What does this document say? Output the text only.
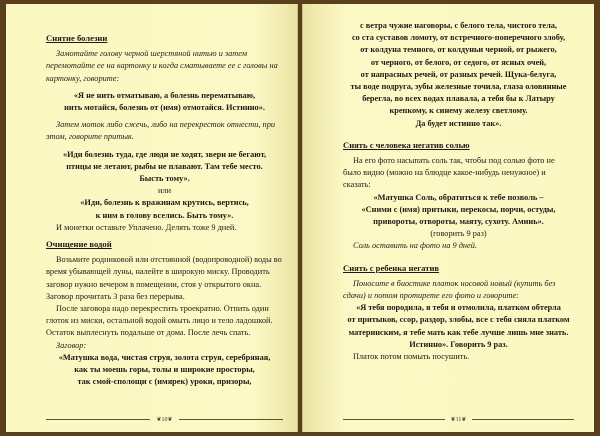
Снятие болезни

Замотайте голову черной шерстяной нитью и затем перемотайте ее на картонку и когда сматываете ее с головы на картонку, говорите:

«Я не нить отматываю, а болезнь перематываю,

нить мотайся, болезнь от (имя) отмотайся. Истинно».

Затем моток либо сжечь, либо на перекресток отнести, при этом, говорите притык.

«Иди болезнь туда, где люди не ходят, звери не бегают,

птицы не летают, рыбы не плавают. Там тебе место.

Бысть тому».

или

«Иди, болезнь к вражинам крутись, вертись,

к ним в голову вселись. Быть тому».

И монетки оставьте Уплачено. Делять тоже 9 дней.

Очищение водой

Возьмите родниковой или отстоянной (водопроводной) воды во время убывающей луны, налейте в широкую миску. Проводить заговор нужно вечером в помещении, стоя у открытого окна. Заговор прочитать 3 раза без перерыва.

После заговора надо перекрестить троекратно. Отпить один глоток из миски, остальной водой омыть лицо и тело ладошкой. Остаток выплеснуть подальше от дома. После лечь спать.

Заговор:

«Матушка вода, чистая струя, золота струя, серебряная,

как ты моешь горы, толы и широкие просторы,

так смой-сполощи с (имярек) уроки, призоры,

❦10❦

с ветра чужие наговоры, с белого тела, чистого тела,

со ста суставов ломоту, от встречного-поперечного злобу,

от колдуна темного, от колдуньи черной, от рыжего,

от черного, от белого, от седого, от ясных очей,

от напрасных речей, от разных речей. Щука-белуга,

ты воде подруга, зубы железные точила, глаза оловянные

берегла, во всех водах плавала, а тебя бы к Латыру

крепкому, к синему железу светлому.

Да будет истинно так».

Снять с человека негатив солью

На его фото насыпать соль так, чтобы под солью фото не было видно (можно на блюдце какое-нибудь ненужное) и сказать:

«Матушка Соль, обратиться к тебе позволь –

«Сними с (имя) притыки, перекосы, порчи, остуды,

привороты, отвороты, маяту, сухоту. Аминь».

(говорить 9 раз)

Соль оставить на фото на 9 дней.

Снять с ребенка негатив

Поносите в биостике платок носовой новый (купить без сдачи) и потом протирете его фото и говорите:

«Я тебя породила, я тебя и отмолила, платком обтерла

от притыков, ссор, раздор, злобы, все с тебя сняла платком

материнским, я тебе мать как тебе лучше лишь мне знать.

Истинно». Говорить 9 раз.

Платок потом помыть посушить.

❦11❦
